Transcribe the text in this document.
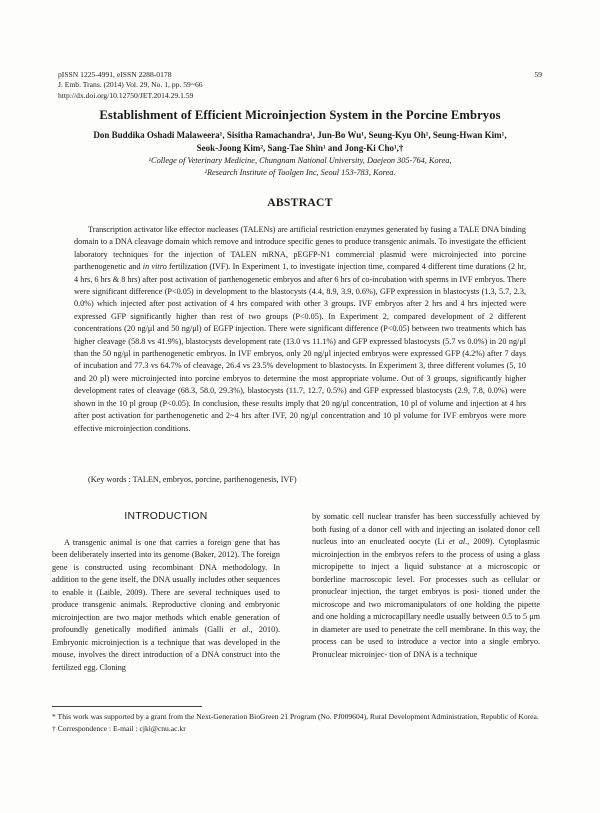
pISSN 1225-4991, eISSN 2288-0178
J. Emb. Trans. (2014) Vol. 29, No. 1, pp. 59~66
http://dx.doi.org/10.12750/JET.2014.29.1.59
59
Establishment of Efficient Microinjection System in the Porcine Embryos
Don Buddika Oshadi Malaweera¹, Sisitha Ramachandra¹, Jun-Bo Wu¹, Seung-Kyu Oh¹, Seung-Hwan Kim¹,
Seok-Joong Kim², Sang-Tae Shin¹ and Jong-Ki Cho¹,†
¹College of Veterinary Medicine, Chungnam National University, Daejeon 305-764, Korea,
²Research Institute of Toolgen Inc, Seoul 153-783, Korea.
ABSTRACT

Transcription activator like effector nucleases (TALENs) are artificial restriction enzymes generated by fusing a TALE DNA binding domain to a DNA cleavage domain which remove and introduce specific genes to produce transgenic animals. To investigate the efficient laboratory techniques for the injection of TALEN mRNA, pEGFP-N1 commercial plasmid were microinjected into porcine parthenogenetic and in vitro fertilization (IVF). In Experiment 1, to investigate injection time, compared 4 different time durations (2 hr, 4 hrs, 6 hrs & 8 hrs) after post activation of parthenogenetic embryos and after 6 hrs of co-incubation with sperms in IVF embryos. There were significant difference (P<0.05) in development to the blastocysts (4.4, 8.9, 3.9, 0.6%), GFP expression in blastocysts (1.3, 5.7, 2.3, 0.0%) which injected after post activation of 4 hrs compared with other 3 groups. IVF embryos after 2 hrs and 4 hrs injected were expressed GFP significantly higher than rest of two groups (P<0.05). In Experiment 2, compared development of 2 different concentrations (20 ng/μl and 50 ng/μl) of EGFP injection. There were significant difference (P<0.05) between two treatments which has higher cleavage (58.8 vs 41.9%), blastocysts development rate (13.0 vs 11.1%) and GFP expressed blastocysts (5.7 vs 0.0%) in 20 ng/μl than the 50 ng/μl in parthenogenetic embryos. In IVF embryos, only 20 ng/μl injected embryos were expressed GFP (4.2%) after 7 days of incubation and 77.3 vs 64.7% of cleavage, 26.4 vs 23.5% development to blastocysts. In Experiment 3, three different volumes (5, 10 and 20 pl) were microinjected into porcine embryos to determine the most appropriate volume. Out of 3 groups, significantly higher development rates of cleavage (68.3, 58.0, 29.3%), blastocysts (11.7, 12.7, 0.5%) and GFP expressed blastocysts (2.9, 7.8, 0.0%) were shown in the 10 pl group (P<0.05). In conclusion, these results imply that 20 ng/μl concentration, 10 pl of volume and injection at 4 hrs after post activation for parthenogenetic and 2~4 hrs after IVF, 20 ng/μl concentration and 10 pl volume for IVF embryos were more effective microinjection conditions.

(Key words : TALEN, embryos, porcine, parthenogenesis, IVF)
INTRODUCTION

A transgenic animal is one that carries a foreign gene that has been deliberately inserted into its genome (Baker, 2012). The foreign gene is constructed using recombinant DNA methodology. In addition to the gene itself, the DNA usually includes other sequences to enable it (Laible, 2009). There are several techniques used to produce transgenic animals. Reproductive cloning and embryonic microinjection are two major methods which enable generation of profoundly genetically modified animals (Galli et al., 2010). Embryonic microinjection is a technique that was developed in the mouse, involves the direct introduction of a DNA construct into the fertilized egg. Cloning

by somatic cell nuclear transfer has been successfully achieved by both fusing of a donor cell with and injecting an isolated donor cell nucleus into an enucleated oocyte (Li et al., 2009). Cytoplasmic microinjection in the embryos refers to the process of using a glass micropipette to inject a liquid substance at a microscopic or borderline macroscopic level. For processes such as cellular or pronuclear injection, the target embryos is posi- tioned under the microscope and two micromanipulators of one holding the pipette and one holding a microcapillary needle usually between 0.5 to 5 μm in diameter are used to penetrate the cell membrane. In this way, the process can be used to introduce a vector into a single embryo. Pronuclear microinjec- tion of DNA is a technique

* This work was supported by a grant from the Next-Generation BioGreen 21 Program (No. PJ009604), Rural Development Administration, Republic of Korea.

† Correspondence : E-mail : cjki@cnu.ac.kr
